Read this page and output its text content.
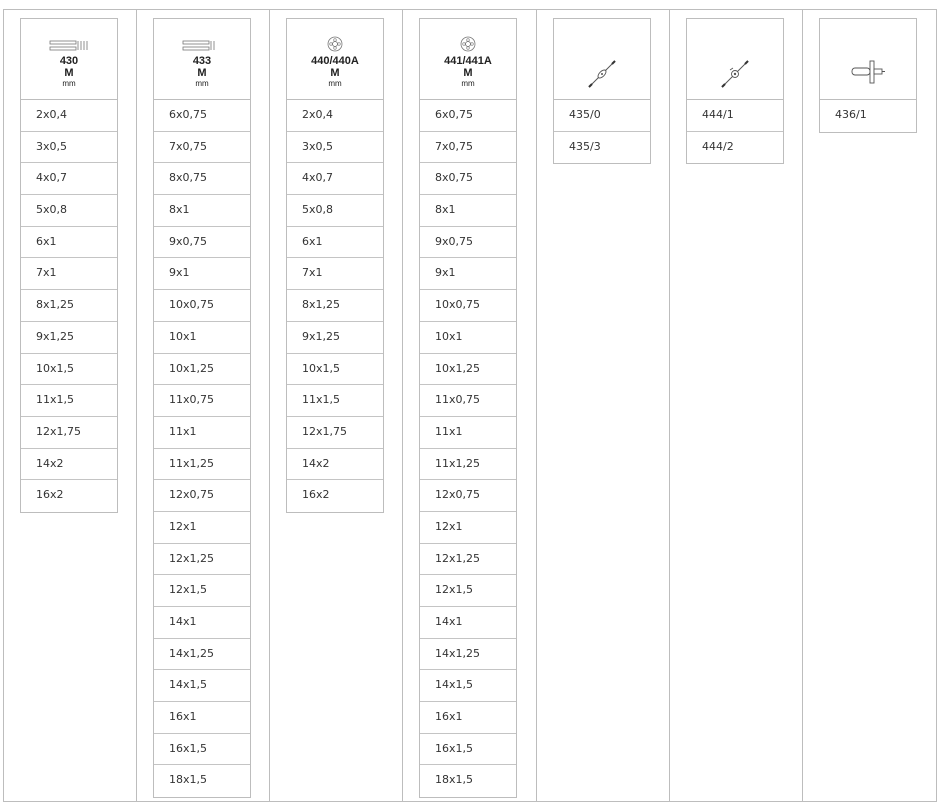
430
M
mm
2x0,4
3x0,5
4x0,7
5x0,8
6x1
7x1
8x1,25
9x1,25
10x1,5
11x1,5
12x1,75
14x2
16x2
433
M
mm
6x0,75
7x0,75
8x0,75
8x1
9x0,75
9x1
10x0,75
10x1
10x1,25
11x0,75
11x1
11x1,25
12x0,75
12x1
12x1,25
12x1,5
14x1
14x1,25
14x1,5
16x1
16x1,5
18x1,5
440/440A
M
mm
2x0,4
3x0,5
4x0,7
5x0,8
6x1
7x1
8x1,25
9x1,25
10x1,5
11x1,5
12x1,75
14x2
16x2
441/441A
M
mm
6x0,75
7x0,75
8x0,75
8x1
9x0,75
9x1
10x0,75
10x1
10x1,25
11x0,75
11x1
11x1,25
12x0,75
12x1
12x1,25
12x1,5
14x1
14x1,25
14x1,5
16x1
16x1,5
18x1,5
435/0
435/3
444/1
444/2
436/1
